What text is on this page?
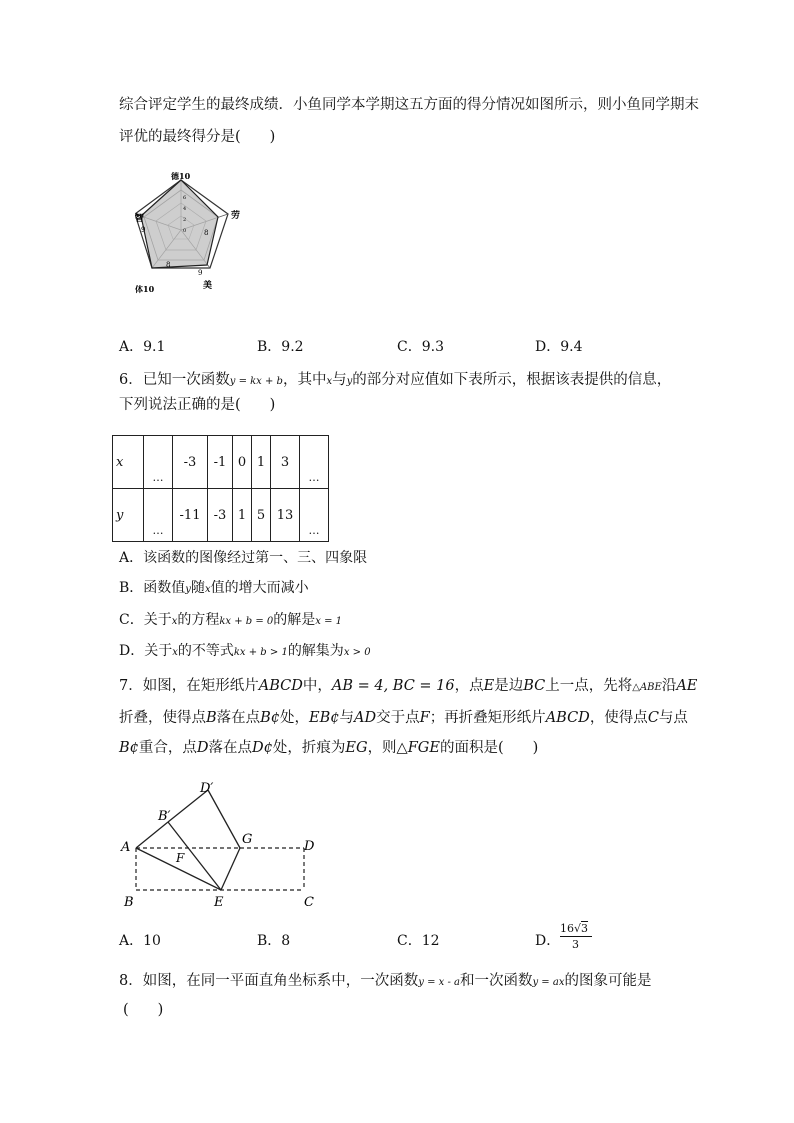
综合评定学生的最终成绩．小鱼同学本学期这五方面的得分情况如图所示，则小鱼同学期末
评优的最终得分是(　　)
德10
劳
美
体10
智
8
9
8
9
6
4
2
0
A．9.1	B．9.2	C．9.3	D．9.4
6．已知一次函数y = kx + b，其中x与y的部分对应值如下表所示，根据该表提供的信息，
下列说法正确的是(　　)
x	…	-3	-1	0	1	3	…
y	…	-11	-3	1	5	13	…
A．该函数的图像经过第一、三、四象限
B．函数值y随x值的增大而减小
C．关于x的方程kx + b = 0的解是x = 1
D．关于x的不等式kx + b > 1的解集为x > 0
7．如图，在矩形纸片ABCD中，AB = 4, BC = 16，点E是边BC上一点，先将△ABE沿AE
折叠，使得点B落在点B¢处，EB¢与AD交于点F；再折叠矩形纸片ABCD，使得点C与点
B¢重合，点D落在点D¢处，折痕为EG，则△FGE的面积是(　　)
A
B	C
D
E
F
G
B′
D′
A．10	B．8	C．12	D．
16√3
3
8．如图，在同一平面直角坐标系中，一次函数y = x - a和一次函数y = ax的图象可能是
(　　)
